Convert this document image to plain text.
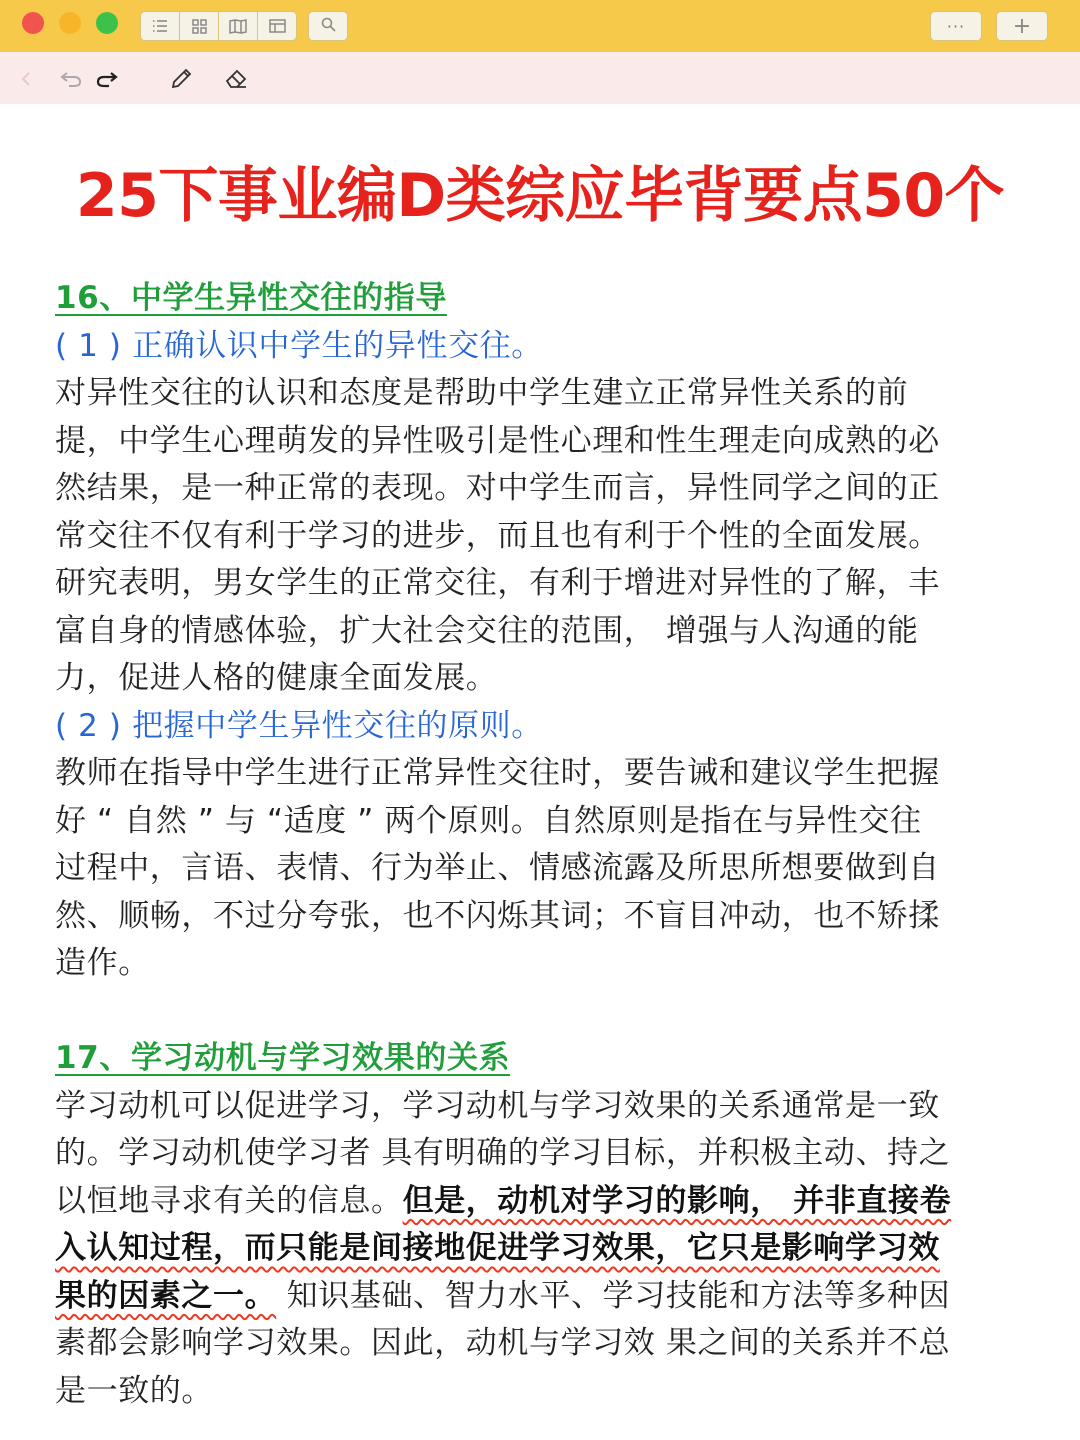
··· +
25下事业编D类综应毕背要点50个
16、中学生异性交往的指导
( 1 ) 正确认识中学生的异性交往。
对异性交往的认识和态度是帮助中学生建立正常异性关系的前
提，中学生心理萌发的异性吸引是性心理和性生理走向成熟的必
然结果，是一种正常的表现。对中学生而言，异性同学之间的正
常交往不仅有利于学习的进步，而且也有利于个性的全面发展。
研究表明，男女学生的正常交往，有利于增进对异性的了解，丰
富自身的情感体验，扩大社会交往的范围， 增强与人沟通的能
力，促进人格的健康全面发展。
( 2 ) 把握中学生异性交往的原则。
教师在指导中学生进行正常异性交往时，要告诫和建议学生把握
好 “ 自然 ” 与 “适度 ” 两个原则。自然原则是指在与异性交往
过程中，言语、表情、行为举止、情感流露及所思所想要做到自
然、顺畅，不过分夸张，也不闪烁其词；不盲目冲动，也不矫揉
造作。
17、学习动机与学习效果的关系
学习动机可以促进学习，学习动机与学习效果的关系通常是一致
的。学习动机使学习者 具有明确的学习目标，并积极主动、持之
以恒地寻求有关的信息。但是，动机对学习的影响， 并非直接卷
入认知过程，而只能是间接地促进学习效果，它只是影响学习效
果的因素之一。 知识基础、智力水平、学习技能和方法等多种因
素都会影响学习效果。因此，动机与学习效 果之间的关系并不总
是一致的。
